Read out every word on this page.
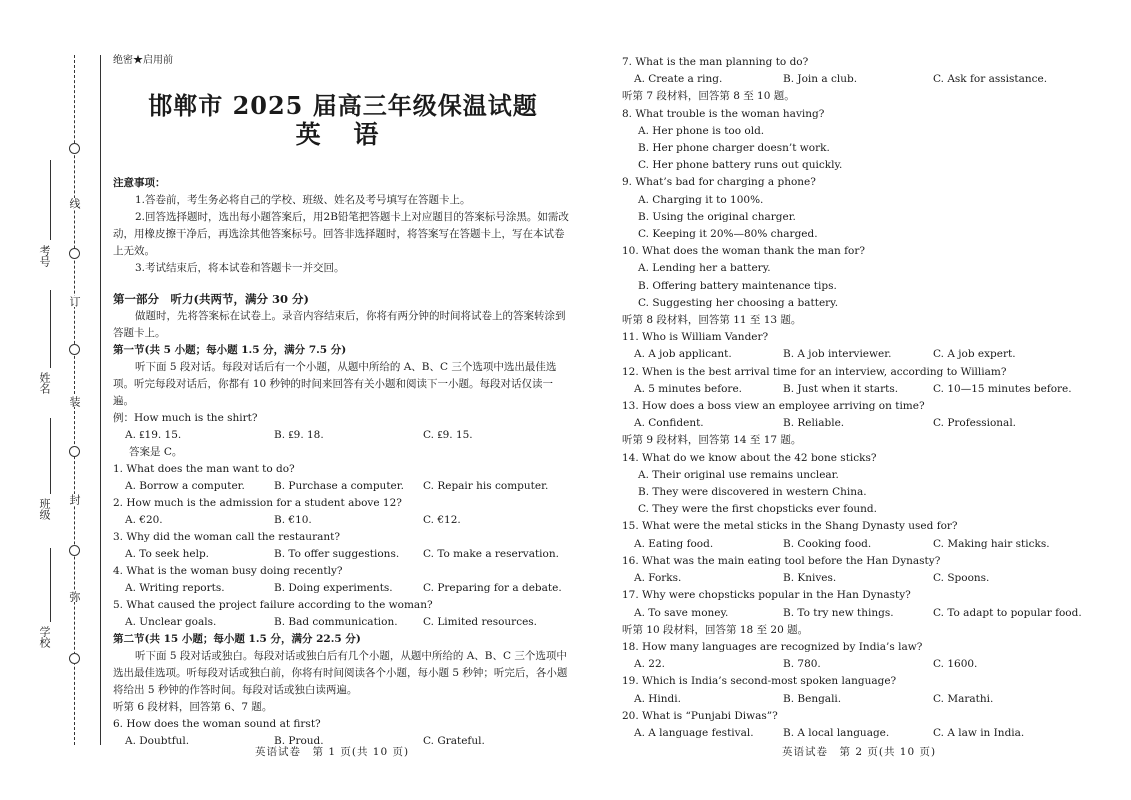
线
订
装
封
弥
考号
姓名
班级
学校
绝密★启用前
邯郸市 2025 届高三年级保温试题
英 语
注意事项：
1.答卷前，考生务必将自己的学校、班级、姓名及考号填写在答题卡上。
2.回答选择题时，选出每小题答案后，用2B铅笔把答题卡上对应题目的答案标号涂黑。如需改动，用橡皮擦干净后，再选涂其他答案标号。回答非选择题时，将答案写在答题卡上，写在本试卷上无效。
3.考试结束后，将本试卷和答题卡一并交回。
第一部分　听力(共两节，满分 30 分)
做题时，先将答案标在试卷上。录音内容结束后，你将有两分钟的时间将试卷上的答案转涂到答题卡上。
第一节(共 5 小题；每小题 1.5 分，满分 7.5 分)
听下面 5 段对话。每段对话后有一个小题，从题中所给的 A、B、C 三个选项中选出最佳选项。听完每段对话后，你都有 10 秒钟的时间来回答有关小题和阅读下一小题。每段对话仅读一遍。
例：How much is the shirt?
A. ₤19. 15.	B. ₤9. 18.	C. ₤9. 15.
答案是 C。
1. What does the man want to do?
A. Borrow a computer.	B. Purchase a computer.	C. Repair his computer.
2. How much is the admission for a student above 12?
A. €20.	B. €10.	C. €12.
3. Why did the woman call the restaurant?
A. To seek help.	B. To offer suggestions.	C. To make a reservation.
4. What is the woman busy doing recently?
A. Writing reports.	B. Doing experiments.	C. Preparing for a debate.
5. What caused the project failure according to the woman?
A. Unclear goals.	B. Bad communication.	C. Limited resources.
第二节(共 15 小题；每小题 1.5 分，满分 22.5 分)
听下面 5 段对话或独白。每段对话或独白后有几个小题，从题中所给的 A、B、C 三个选项中选出最佳选项。听每段对话或独白前，你将有时间阅读各个小题，每小题 5 秒钟；听完后，各小题将给出 5 秒钟的作答时间。每段对话或独白读两遍。
听第 6 段材料，回答第 6、7 题。
6. How does the woman sound at first?
A. Doubtful.	B. Proud.	C. Grateful.
7. What is the man planning to do?
A. Create a ring.	B. Join a club.	C. Ask for assistance.
听第 7 段材料，回答第 8 至 10 题。
8. What trouble is the woman having?
A. Her phone is too old.
B. Her phone charger doesn’t work.
C. Her phone battery runs out quickly.
9. What’s bad for charging a phone?
A. Charging it to 100%.
B. Using the original charger.
C. Keeping it 20%—80% charged.
10. What does the woman thank the man for?
A. Lending her a battery.
B. Offering battery maintenance tips.
C. Suggesting her choosing a battery.
听第 8 段材料，回答第 11 至 13 题。
11. Who is William Vander?
A. A job applicant.	B. A job interviewer.	C. A job expert.
12. When is the best arrival time for an interview, according to William?
A. 5 minutes before.	B. Just when it starts.	C. 10—15 minutes before.
13. How does a boss view an employee arriving on time?
A. Confident.	B. Reliable.	C. Professional.
听第 9 段材料，回答第 14 至 17 题。
14. What do we know about the 42 bone sticks?
A. Their original use remains unclear.
B. They were discovered in western China.
C. They were the first chopsticks ever found.
15. What were the metal sticks in the Shang Dynasty used for?
A. Eating food.	B. Cooking food.	C. Making hair sticks.
16. What was the main eating tool before the Han Dynasty?
A. Forks.	B. Knives.	C. Spoons.
17. Why were chopsticks popular in the Han Dynasty?
A. To save money.	B. To try new things.	C. To adapt to popular food.
听第 10 段材料，回答第 18 至 20 题。
18. How many languages are recognized by India’s law?
A. 22.	B. 780.	C. 1600.
19. Which is India’s second-most spoken language?
A. Hindi.	B. Bengali.	C. Marathi.
20. What is “Punjabi Diwas”?
A. A language festival.	B. A local language.	C. A law in India.
英语试卷　第 1 页(共 10 页)	英语试卷　第 2 页(共 10 页)
